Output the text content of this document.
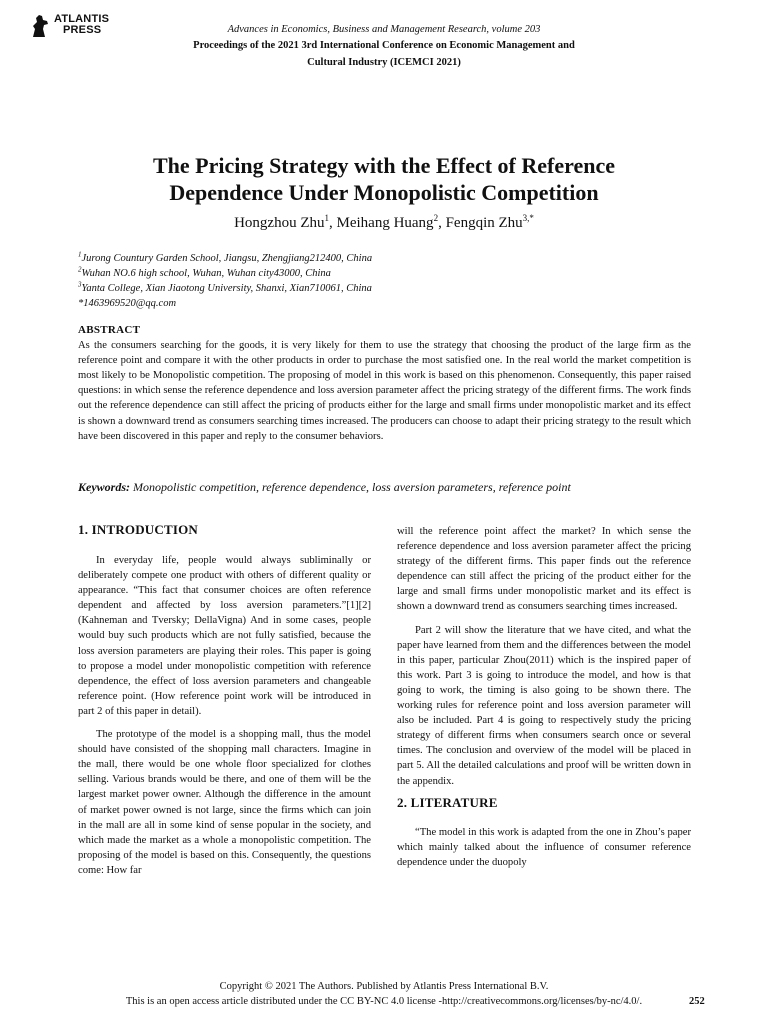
ATLANTIS
PRESS	Advances in Economics, Business and Management Research, volume 203
Proceedings of the 2021 3rd International Conference on Economic Management and
Cultural Industry (ICEMCI 2021)
The Pricing Strategy with the Effect of Reference
Dependence Under Monopolistic Competition
Hongzhou Zhu$^1$, Meihang Huang$^2$, Fengqin Zhu$^{3,*}$
$^1$Jurong Countury Garden School, Jiangsu, Zhengjiang212400, China
$^2$Wuhan NO.6 high school, Wuhan, Wuhan city43000, China
$^3$Yanta College, Xian Jiaotong University, Shanxi, Xian710061, China
*1463969520@qq.com
ABSTRACT
As the consumers searching for the goods, it is very likely for them to use the strategy that choosing the product of the large firm as the reference point and compare it with the other products in order to purchase the most satisfied one. In the real world the market competition is most likely to be Monopolistic competition. The proposing of model in this work is based on this phenomenon. Consequently, this paper raised questions: in which sense the reference dependence and loss aversion parameter affect the pricing strategy of the different firms. The work finds out the reference dependence can still affect the pricing of products either for the large and small firms under monopolistic market and its effect is shown a downward trend as consumers searching times increased. The producers can choose to adapt their pricing strategy to the result which have been discovered in this paper and reply to the consumer behaviors.
Keywords: Monopolistic competition, reference dependence, loss aversion parameters, reference point
1. INTRODUCTION

In everyday life, people would always subliminally or deliberately compete one product with others of different quality or appearance. “This fact that consumer choices are often reference dependent and affected by loss aversion parameters.”[1][2](Kahneman and Tversky; DellaVigna) And in some cases, people would buy such products which are not fully satisfied, because the loss aversion parameters are playing their roles. This paper is going to propose a model under monopolistic competition with reference dependence, the effect of loss aversion parameters and changeable reference point. (How reference point work will be introduced in part 2 of this paper in detail).

The prototype of the model is a shopping mall, thus the model should have consisted of the shopping mall characters. Imagine in the mall, there would be one whole floor specialized for clothes selling. Various brands would be there, and one of them will be the largest market power owner. Although the difference in the amount of market power owned is not large, since the firms which can join in the mall are all in some kind of sense popular in the society, and which made the market as a whole a monopolistic competition. The proposing of the model is based on this. Consequently, the questions come: How far

will the reference point affect the market? In which sense the reference dependence and loss aversion parameter affect the pricing strategy of the different firms. This paper finds out the reference dependence can still affect the pricing of the product either for the large and small firms under monopolistic market and its effect is shown a downward trend as consumers searching times increased.

Part 2 will show the literature that we have cited, and what the paper have learned from them and the differences between the model in this paper, particular Zhou(2011) which is the inspired paper of this work. Part 3 is going to introduce the model, and how is that going to work, the timing is also going to be shown there. The working rules for reference point and loss aversion parameter will also be included. Part 4 is going to respectively study the pricing strategy of different firms when consumers search once or several times. The conclusion and overview of the model will be placed in part 5. All the detailed calculations and proof will be written down in the appendix.

2. LITERATURE

“The model in this work is adapted from the one in Zhou’s paper which mainly talked about the influence of consumer reference dependence under the duopoly

Copyright © 2021 The Authors. Published by Atlantis Press International B.V.
This is an open access article distributed under the CC BY-NC 4.0 license -http://creativecommons.org/licenses/by-nc/4.0/.	252
